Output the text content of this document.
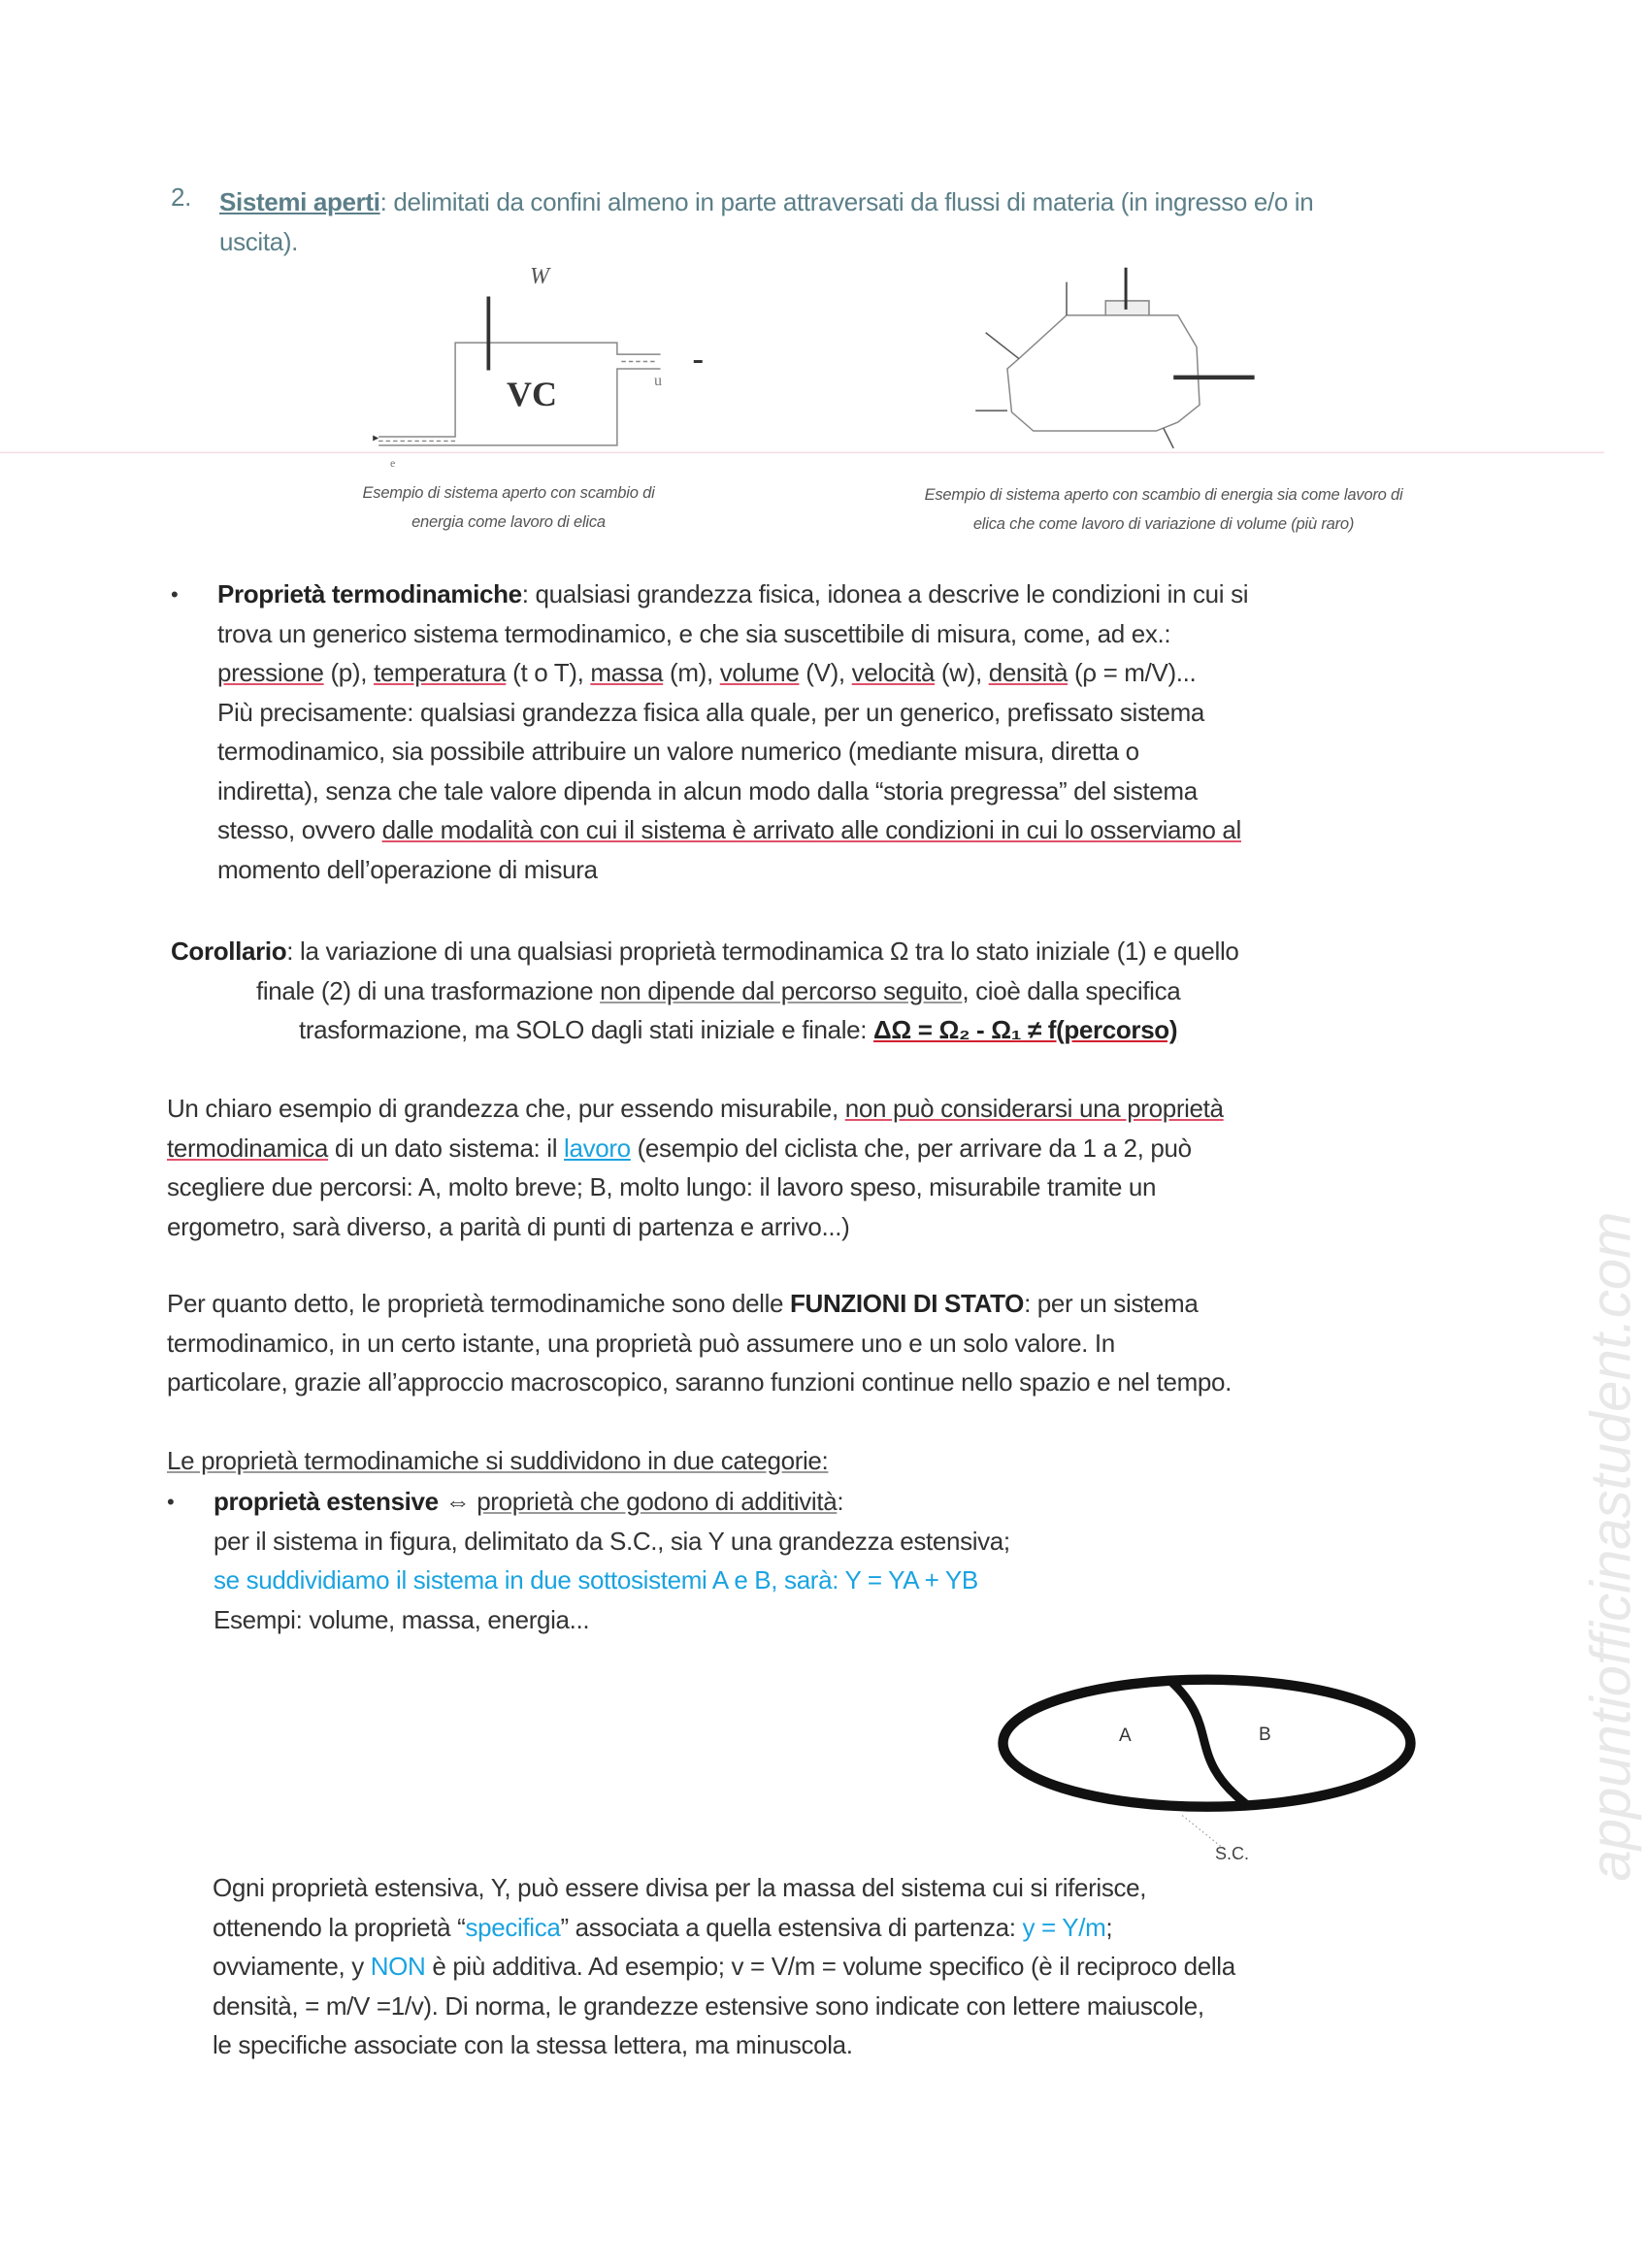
appuntiofficinastudent.com
VC
W
u
e
Esempio di sistema aperto con scambio di
energia come lavoro di elica
Esempio di sistema aperto con scambio di energia sia come lavoro di
elica che come lavoro di variazione di volume (più raro)
2. Sistemi aperti: delimitati da confini almeno in parte attraversati da flussi di materia (in ingresso e/o in
uscita).
• Proprietà termodinamiche: qualsiasi grandezza fisica, idonea a descrive le condizioni in cui si
trova un generico sistema termodinamico, e che sia suscettibile di misura, come, ad ex.:
pressione (p), temperatura (t o T), massa (m), volume (V), velocità (w), densità (ρ = m/V)...
Più precisamente: qualsiasi grandezza fisica alla quale, per un generico, prefissato sistema
termodinamico, sia possibile attribuire un valore numerico (mediante misura, diretta o
indiretta), senza che tale valore dipenda in alcun modo dalla “storia pregressa” del sistema
stesso, ovvero dalle modalità con cui il sistema è arrivato alle condizioni in cui lo osserviamo al
momento dell’operazione di misura
Corollario: la variazione di una qualsiasi proprietà termodinamica Ω tra lo stato iniziale (1) e quello
finale (2) di una trasformazione non dipende dal percorso seguito, cioè dalla specifica
trasformazione, ma SOLO dagli stati iniziale e finale: ΔΩ = Ω₂ - Ω₁ ≠ f(percorso)
Un chiaro esempio di grandezza che, pur essendo misurabile, non può considerarsi una proprietà
termodinamica di un dato sistema: il lavoro (esempio del ciclista che, per arrivare da 1 a 2, può
scegliere due percorsi: A, molto breve; B, molto lungo: il lavoro speso, misurabile tramite un
ergometro, sarà diverso, a parità di punti di partenza e arrivo...)
Per quanto detto, le proprietà termodinamiche sono delle FUNZIONI DI STATO: per un sistema
termodinamico, in un certo istante, una proprietà può assumere uno e un solo valore. In
particolare, grazie all’approccio macroscopico, saranno funzioni continue nello spazio e nel tempo.
Le proprietà termodinamiche si suddividono in due categorie:
• proprietà estensive ⇔ proprietà che godono di additività:
per il sistema in figura, delimitato da S.C., sia Y una grandezza estensiva;
se suddividiamo il sistema in due sottosistemi A e B, sarà: Y = YA + YB
Esempi: volume, massa, energia...
A	B
S.C.
Ogni proprietà estensiva, Y, può essere divisa per la massa del sistema cui si riferisce,
ottenendo la proprietà “specifica” associata a quella estensiva di partenza: y = Y/m;
ovviamente, y NON è più additiva. Ad esempio; v = V/m = volume specifico (è il reciproco della
densità, = m/V =1/v). Di norma, le grandezze estensive sono indicate con lettere maiuscole,
le specifiche associate con la stessa lettera, ma minuscola.
